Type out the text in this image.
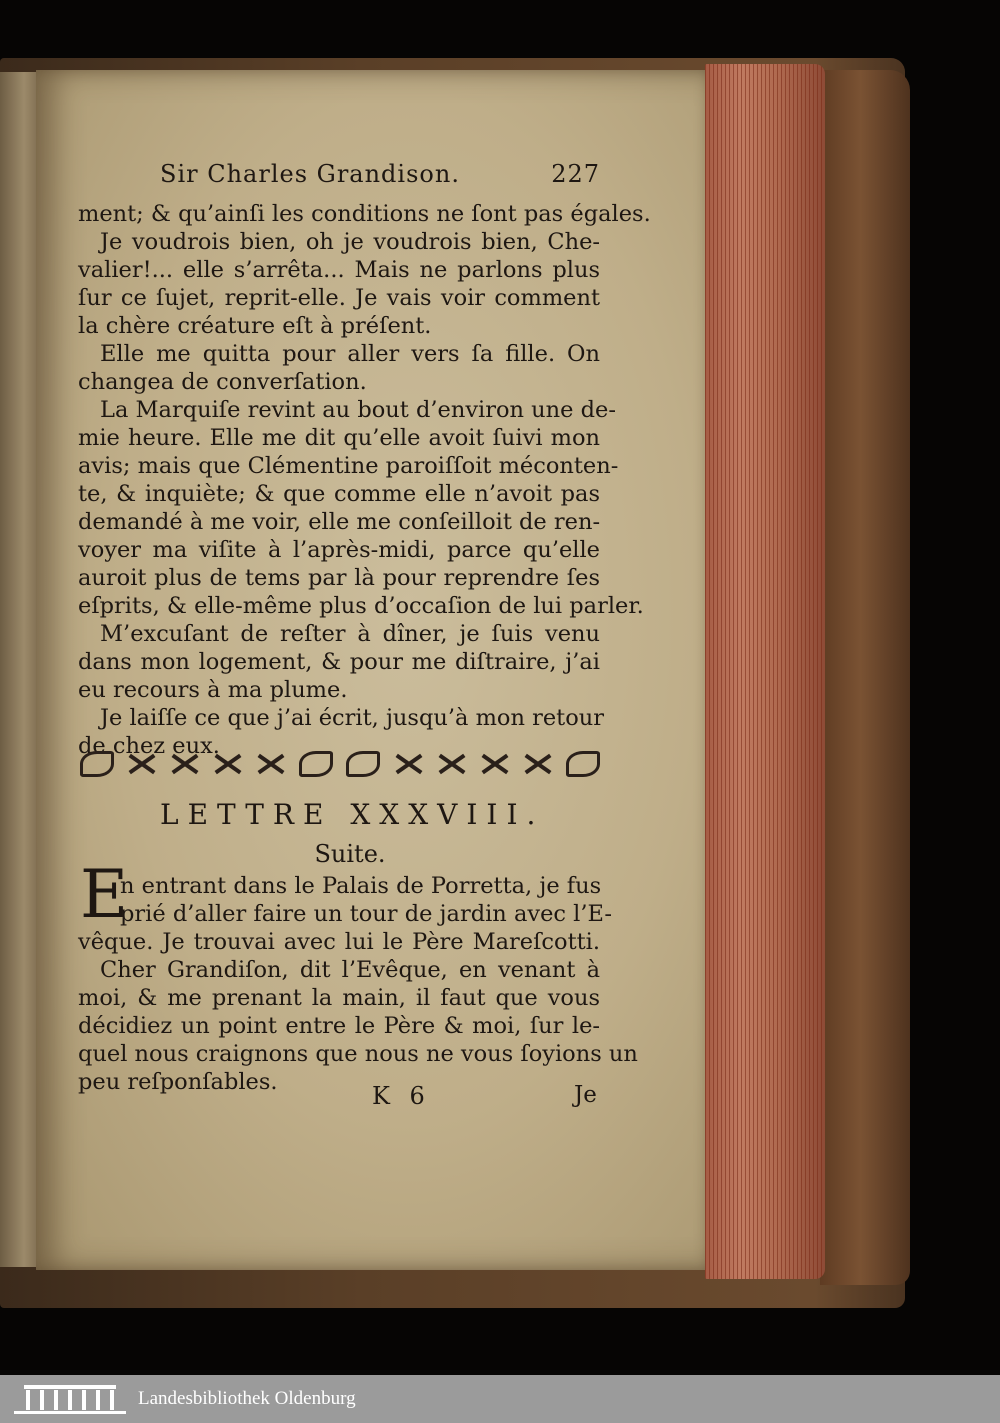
Sir Charles Grandison.	227
ment; & qu’ainſi les conditions ne ſont pas égales.
Je voudrois bien, oh je voudrois bien, Che-
valier!... elle s’arrêta... Mais ne parlons plus
ſur ce ſujet, reprit-elle. Je vais voir comment
la chère créature eſt à préſent.
Elle me quitta pour aller vers ſa fille. On
changea de converſation.
La Marquiſe revint au bout d’environ une de-
mie heure. Elle me dit qu’elle avoit ſuivi mon
avis; mais que Clémentine paroiſſoit méconten-
te, & inquiète; & que comme elle n’avoit pas
demandé à me voir, elle me conſeilloit de ren-
voyer ma viſite à l’après-midi, parce qu’elle
auroit plus de tems par là pour reprendre ſes
eſprits, & elle-même plus d’occaſion de lui parler.
M’excuſant de reſter à dîner, je ſuis venu
dans mon logement, & pour me diſtraire, j’ai
eu recours à ma plume.
Je laiſſe ce que j’ai écrit, jusqu’à mon retour
de chez eux.
LETTRE XXXVIII.
Suite.
E
n entrant dans le Palais de Porretta, je fus
prié d’aller faire un tour de jardin avec l’E-
vêque. Je trouvai avec lui le Père Mareſcotti.
Cher Grandiſon, dit l’Evêque, en venant à
moi, & me prenant la main, il faut que vous
décidiez un point entre le Père & moi, ſur le-
quel nous craignons que nous ne vous ſoyions un
peu reſponſables.	K 6	Je
Landesbibliothek Oldenburg
